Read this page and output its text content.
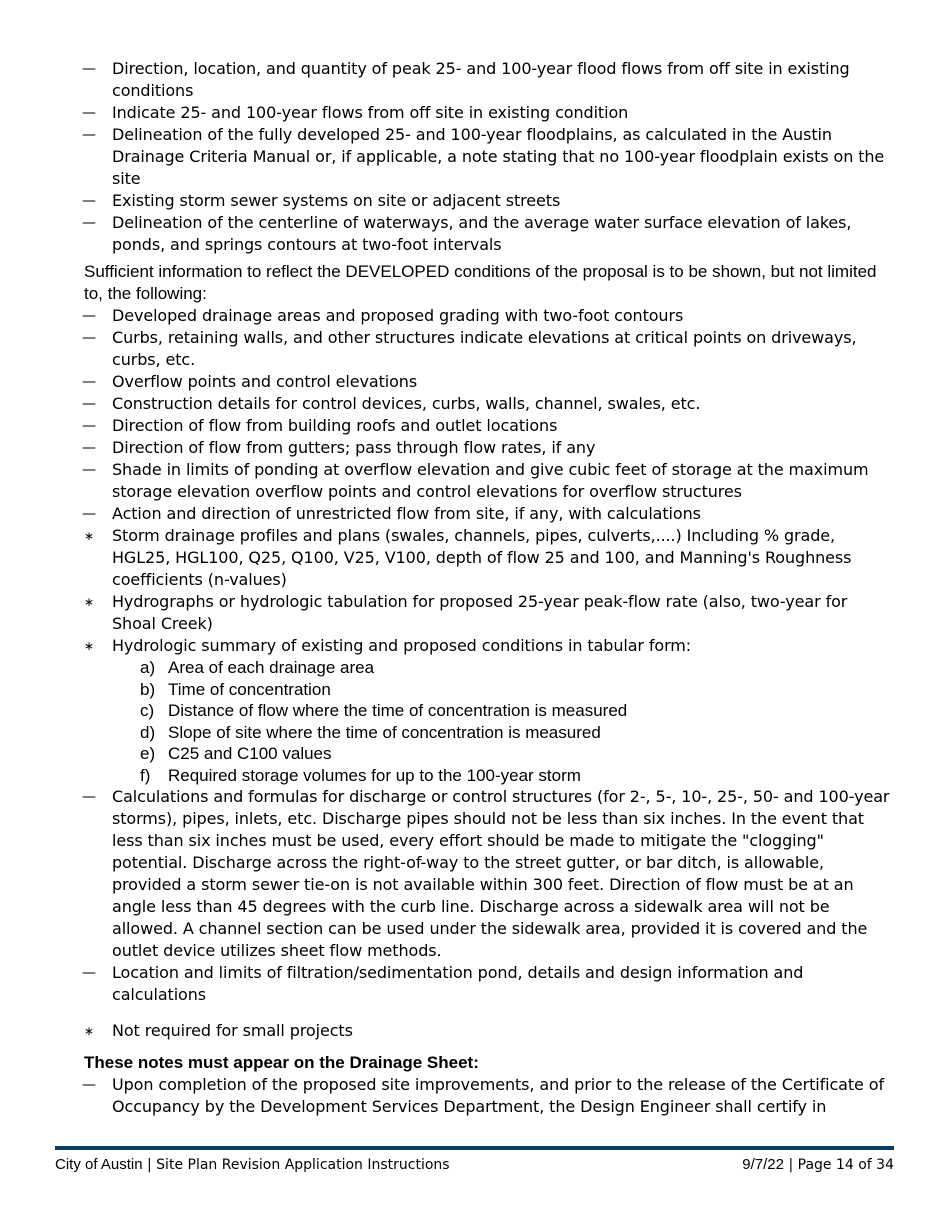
—	Direction, location, and quantity of peak 25- and 100-year flood flows from off site in existing conditions
—	Indicate 25- and 100-year flows from off site in existing condition
—	Delineation of the fully developed 25- and 100-year floodplains, as calculated in the Austin Drainage Criteria Manual or, if applicable, a note stating that no 100-year floodplain exists on the site
—	Existing storm sewer systems on site or adjacent streets
—	Delineation of the centerline of waterways, and the average water surface elevation of lakes, ponds, and springs contours at two-foot intervals
Sufficient information to reflect the DEVELOPED conditions of the proposal is to be shown, but not limited to, the following:
—	Developed drainage areas and proposed grading with two-foot contours
—	Curbs, retaining walls, and other structures indicate elevations at critical points on driveways, curbs, etc.
—	Overflow points and control elevations
—	Construction details for control devices, curbs, walls, channel, swales, etc.
—	Direction of flow from building roofs and outlet locations
—	Direction of flow from gutters; pass through flow rates, if any
—	Shade in limits of ponding at overflow elevation and give cubic feet of storage at the maximum storage elevation overflow points and control elevations for overflow structures
—	Action and direction of unrestricted flow from site, if any, with calculations
∗	Storm drainage profiles and plans (swales, channels, pipes, culverts,....) Including % grade, HGL25, HGL100, Q25, Q100, V25, V100, depth of flow 25 and 100, and Manning's Roughness coefficients (n-values)
∗	Hydrographs or hydrologic tabulation for proposed 25-year peak-flow rate (also, two-year for Shoal Creek)
∗	Hydrologic summary of existing and proposed conditions in tabular form:
a) Area of each drainage area
b) Time of concentration
c) Distance of flow where the time of concentration is measured
d) Slope of site where the time of concentration is measured
e) C25 and C100 values
f) Required storage volumes for up to the 100-year storm
—	Calculations and formulas for discharge or control structures (for 2-, 5-, 10-, 25-, 50- and 100-year storms), pipes, inlets, etc. Discharge pipes should not be less than six inches. In the event that less than six inches must be used, every effort should be made to mitigate the "clogging" potential. Discharge across the right-of-way to the street gutter, or bar ditch, is allowable, provided a storm sewer tie-on is not available within 300 feet. Direction of flow must be at an angle less than 45 degrees with the curb line. Discharge across a sidewalk area will not be allowed. A channel section can be used under the sidewalk area, provided it is covered and the outlet device utilizes sheet flow methods.
—	Location and limits of filtration/sedimentation pond, details and design information and calculations
∗	Not required for small projects
These notes must appear on the Drainage Sheet:
—	Upon completion of the proposed site improvements, and prior to the release of the Certificate of Occupancy by the Development Services Department, the Design Engineer shall certify in
City of Austin | Site Plan Revision Application Instructions	9/7/22 | Page 14 of 34
